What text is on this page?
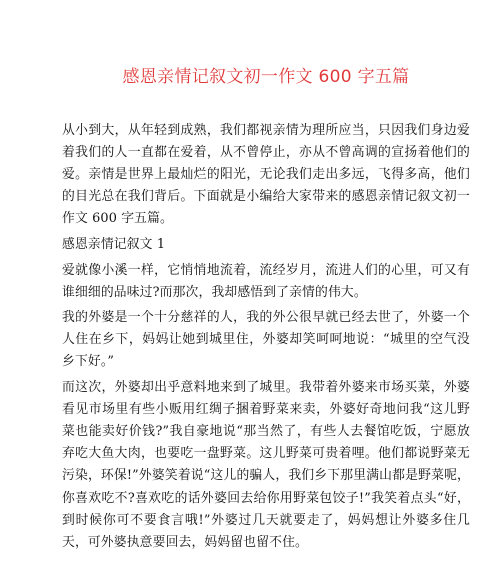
感恩亲情记叙文初一作文 600 字五篇

从小到大，从年轻到成熟，我们都视亲情为理所应当，只因我们身边爱着我们的人一直都在爱着，从不曾停止，亦从不曾高调的宣扬着他们的爱。亲情是世界上最灿烂的阳光，无论我们走出多远，飞得多高，他们的目光总在我们背后。下面就是小编给大家带来的感恩亲情记叙文初一作文 600 字五篇。

感恩亲情记叙文 1

爱就像小溪一样，它悄悄地流着，流经岁月，流进人们的心里，可又有谁细细的品味过?而那次，我却感悟到了亲情的伟大。

我的外婆是一个十分慈祥的人，我的外公很早就已经去世了，外婆一个人住在乡下，妈妈让她到城里住，外婆却笑呵呵地说：“城里的空气没乡下好。”

而这次，外婆却出乎意料地来到了城里。我带着外婆来市场买菜，外婆看见市场里有些小贩用红绸子捆着野菜来卖，外婆好奇地问我“这儿野菜也能卖好价钱?”我自豪地说“那当然了，有些人去餐馆吃饭，宁愿放弃吃大鱼大肉，也要吃一盘野菜。这儿野菜可贵着哩。他们都说野菜无污染，环保!”外婆笑着说“这儿的骗人，我们乡下那里满山都是野菜呢，你喜欢吃不?喜欢吃的话外婆回去给你用野菜包饺子!”我笑着点头“好，到时候你可不要食言哦!”外婆过几天就要走了，妈妈想让外婆多住几天，可外婆执意要回去，妈妈留也留不住。
